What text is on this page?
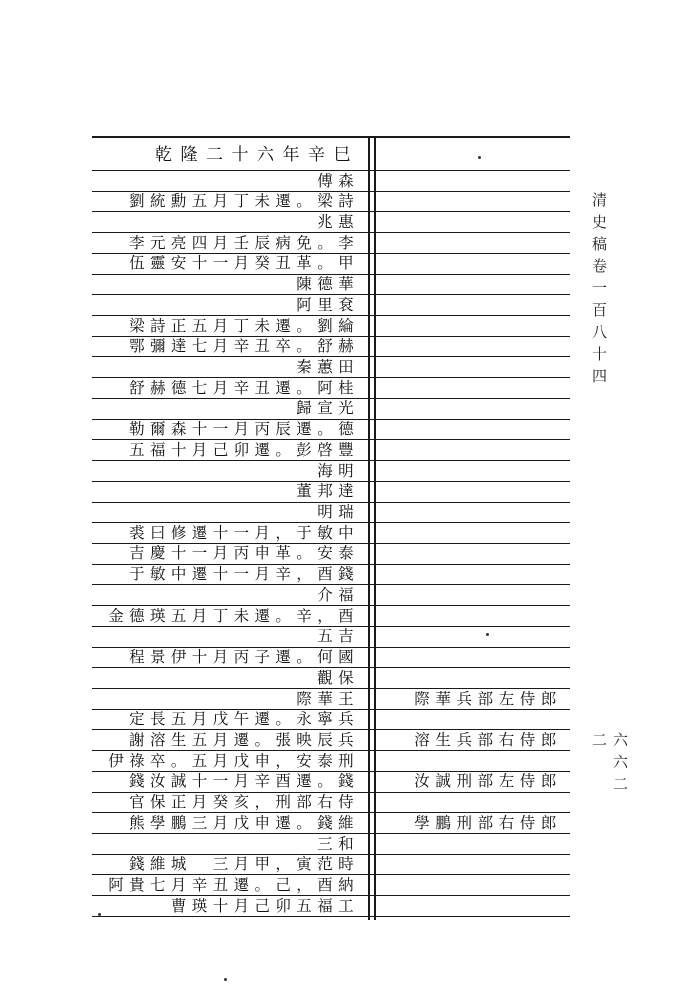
清史稿卷一百八十四
六六二二
乾隆二十六年辛巳
傅森
劉統勳五月丁未遷。梁詩
兆惠
李元亮四月壬辰病免。李
伍靈安十一月癸丑革。甲
陳德華
阿里袞
梁詩正五月丁未遷。劉綸
鄂彌達七月辛丑卒。舒赫
秦蕙田
舒赫德七月辛丑遷。阿桂
歸宣光
勒爾森十一月丙辰遷。德
五福十月己卯遷。彭啓豐
海明
董邦達
明瑞
裘曰修遷十一月，于敏中
吉慶十一月丙申革。安泰
于敏中遷十一月辛，酉錢
介福
金德瑛五月丁未遷。辛，酉
五吉
程景伊十月丙子遷。何國
觀保
際華王
定長五月戊午遷。永寧兵
謝溶生五月遷。張映辰兵
伊祿卒。五月戊申，安泰刑
錢汝誠十一月辛酉遷。錢
官保正月癸亥，刑部右侍
熊學鵬三月戊申遷。錢維
三和
錢維城　三月甲，寅范時
阿貴七月辛丑遷。己，酉納
曹瑛十月己卯五福工
際華兵部左侍郎
溶生兵部右侍郎
汝誠刑部左侍郎
學鵬刑部右侍郎
